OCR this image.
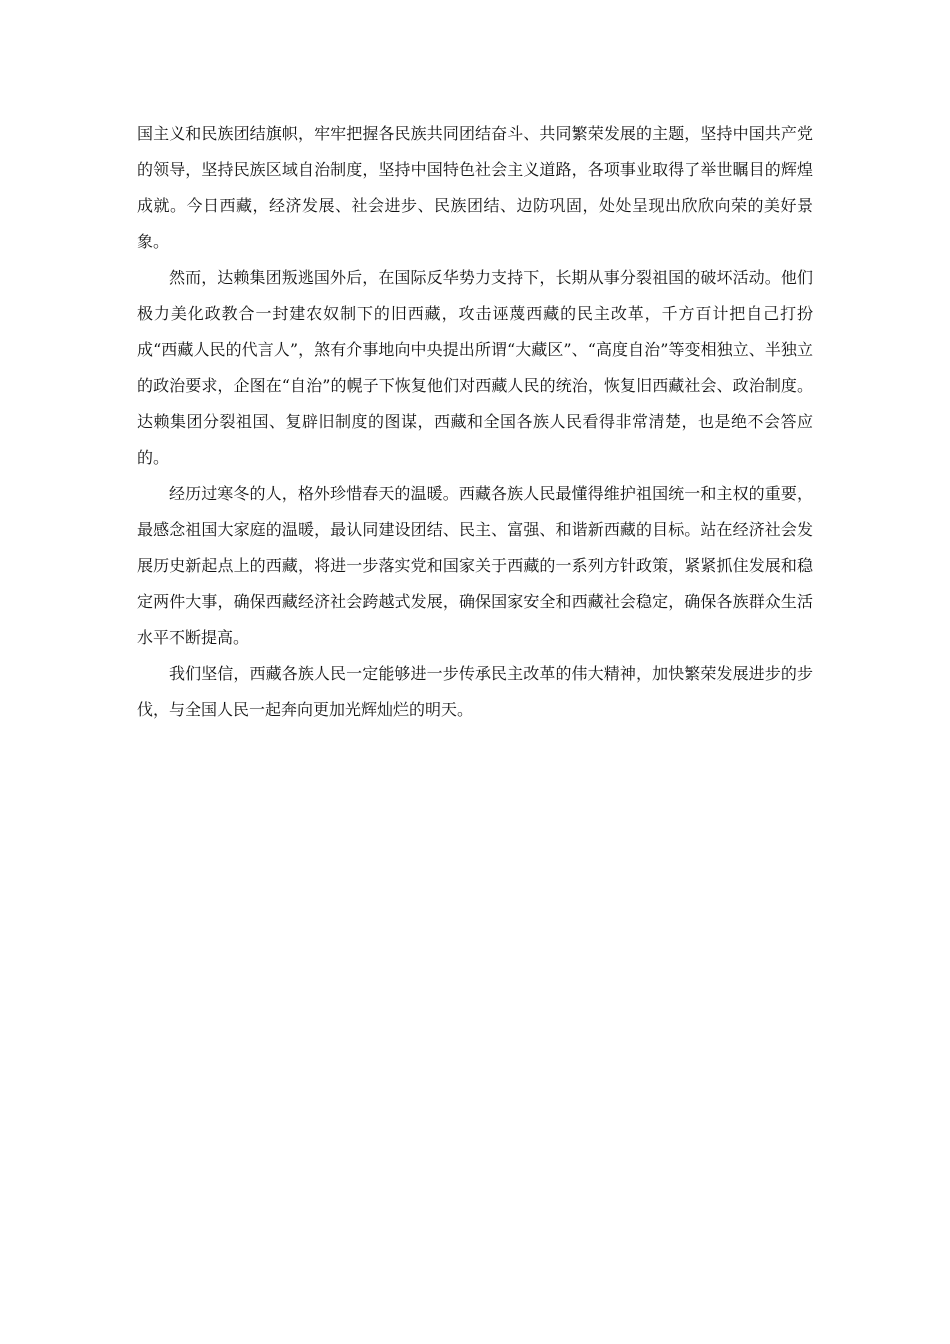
国主义和民族团结旗帜，牢牢把握各民族共同团结奋斗、共同繁荣发展的主题，坚持中国共产党的领导，坚持民族区域自治制度，坚持中国特色社会主义道路，各项事业取得了举世瞩目的辉煌成就。今日西藏，经济发展、社会进步、民族团结、边防巩固，处处呈现出欣欣向荣的美好景象。

然而，达赖集团叛逃国外后，在国际反华势力支持下，长期从事分裂祖国的破坏活动。他们极力美化政教合一封建农奴制下的旧西藏，攻击诬蔑西藏的民主改革，千方百计把自己打扮成“西藏人民的代言人”，煞有介事地向中央提出所谓“大藏区”、“高度自治”等变相独立、半独立的政治要求，企图在“自治”的幌子下恢复他们对西藏人民的统治，恢复旧西藏社会、政治制度。达赖集团分裂祖国、复辟旧制度的图谋，西藏和全国各族人民看得非常清楚，也是绝不会答应的。

经历过寒冬的人，格外珍惜春天的温暖。西藏各族人民最懂得维护祖国统一和主权的重要，最感念祖国大家庭的温暖，最认同建设团结、民主、富强、和谐新西藏的目标。站在经济社会发展历史新起点上的西藏，将进一步落实党和国家关于西藏的一系列方针政策，紧紧抓住发展和稳定两件大事，确保西藏经济社会跨越式发展，确保国家安全和西藏社会稳定，确保各族群众生活水平不断提高。

我们坚信，西藏各族人民一定能够进一步传承民主改革的伟大精神，加快繁荣发展进步的步伐，与全国人民一起奔向更加光辉灿烂的明天。
